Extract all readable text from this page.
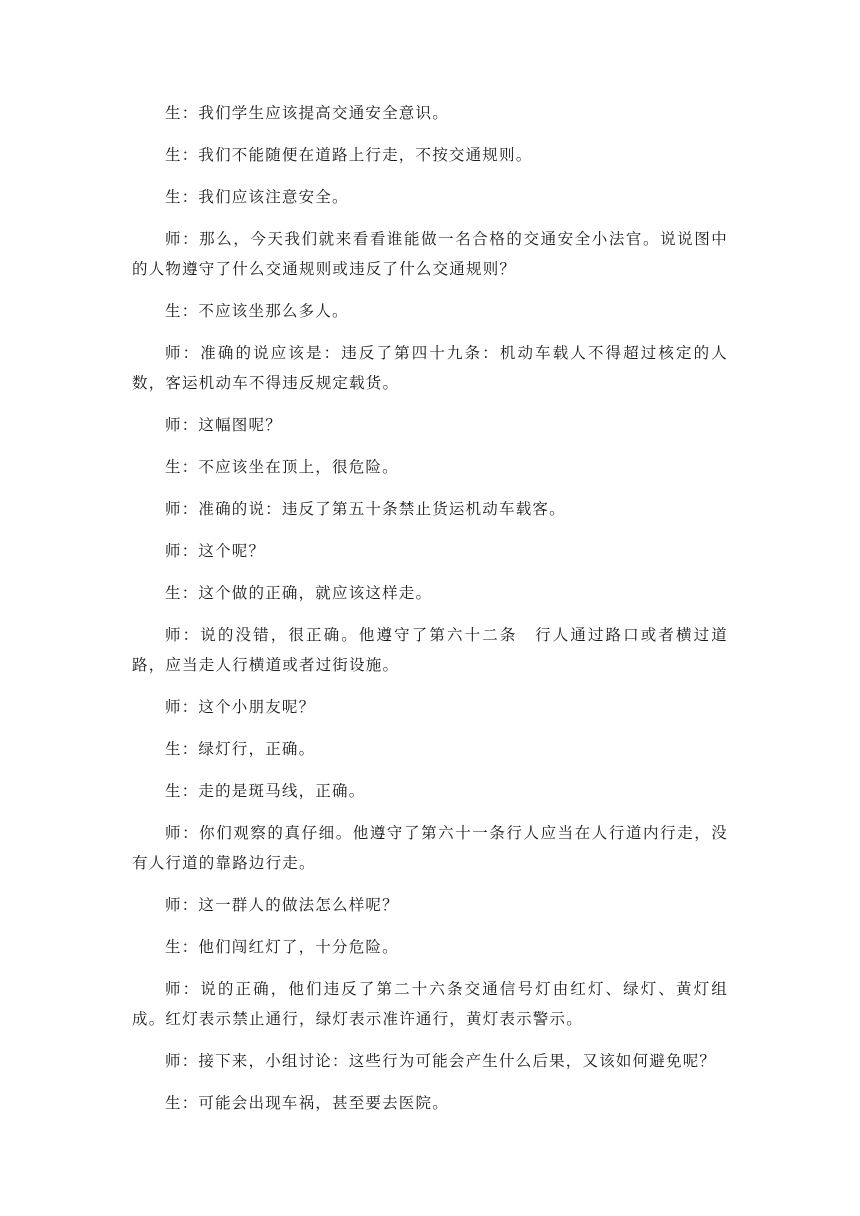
生：我们学生应该提高交通安全意识。

生：我们不能随便在道路上行走，不按交通规则。

生：我们应该注意安全。

师：那么，今天我们就来看看谁能做一名合格的交通安全小法官。说说图中的人物遵守了什么交通规则或违反了什么交通规则？

生：不应该坐那么多人。

师：准确的说应该是：违反了第四十九条：机动车载人不得超过核定的人数，客运机动车不得违反规定载货。

师：这幅图呢？

生：不应该坐在顶上，很危险。

师：准确的说：违反了第五十条禁止货运机动车载客。

师：这个呢？

生：这个做的正确，就应该这样走。

师：说的没错，很正确。他遵守了第六十二条　行人通过路口或者横过道路，应当走人行横道或者过街设施。

师：这个小朋友呢？

生：绿灯行，正确。

生：走的是斑马线，正确。

师：你们观察的真仔细。他遵守了第六十一条行人应当在人行道内行走，没有人行道的靠路边行走。

师：这一群人的做法怎么样呢？

生：他们闯红灯了，十分危险。

师：说的正确，他们违反了第二十六条交通信号灯由红灯、绿灯、黄灯组成。红灯表示禁止通行，绿灯表示准许通行，黄灯表示警示。

师：接下来，小组讨论：这些行为可能会产生什么后果，又该如何避免呢？

生：可能会出现车祸，甚至要去医院。
